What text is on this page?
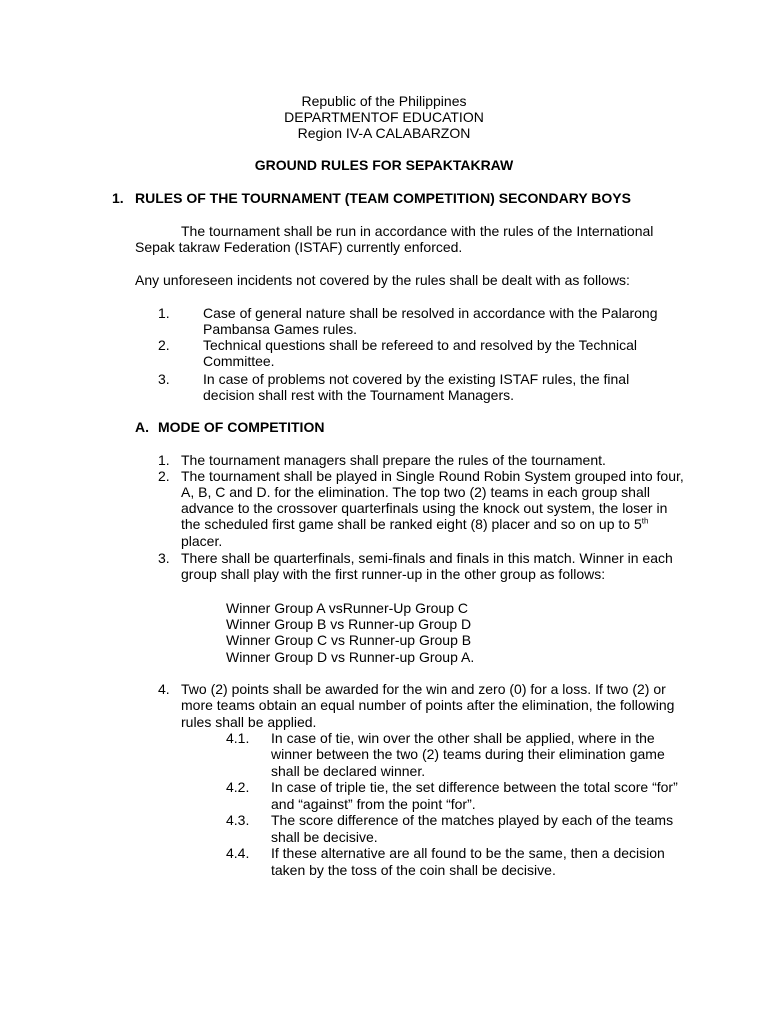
Republic of the Philippines
DEPARTMENTOF EDUCATION
Region IV-A CALABARZON
GROUND RULES FOR SEPAKTAKRAW
1. RULES OF THE TOURNAMENT (TEAM COMPETITION) SECONDARY BOYS
The tournament shall be run in accordance with the rules of the International
Sepak takraw Federation (ISTAF) currently enforced.
Any unforeseen incidents not covered by the rules shall be dealt with as follows:
1. Case of general nature shall be resolved in accordance with the Palarong
Pambansa Games rules.
2. Technical questions shall be refereed to and resolved by the Technical
Committee.
3. In case of problems not covered by the existing ISTAF rules, the final
decision shall rest with the Tournament Managers.
A. MODE OF COMPETITION
1. The tournament managers shall prepare the rules of the tournament.
2. The tournament shall be played in Single Round Robin System grouped into four,
A, B, C and D. for the elimination. The top two (2) teams in each group shall
advance to the crossover quarterfinals using the knock out system, the loser in
the scheduled first game shall be ranked eight (8) placer and so on up to 5th
placer.
3. There shall be quarterfinals, semi-finals and finals in this match. Winner in each
group shall play with the first runner-up in the other group as follows:
Winner Group A vsRunner-Up Group C
Winner Group B vs Runner-up Group D
Winner Group C vs Runner-up Group B
Winner Group D vs Runner-up Group A.
4. Two (2) points shall be awarded for the win and zero (0) for a loss. If two (2) or
more teams obtain an equal number of points after the elimination, the following
rules shall be applied.
4.1. In case of tie, win over the other shall be applied, where in the
winner between the two (2) teams during their elimination game
shall be declared winner.
4.2. In case of triple tie, the set difference between the total score “for”
and “against” from the point “for”.
4.3. The score difference of the matches played by each of the teams
shall be decisive.
4.4. If these alternative are all found to be the same, then a decision
taken by the toss of the coin shall be decisive.
